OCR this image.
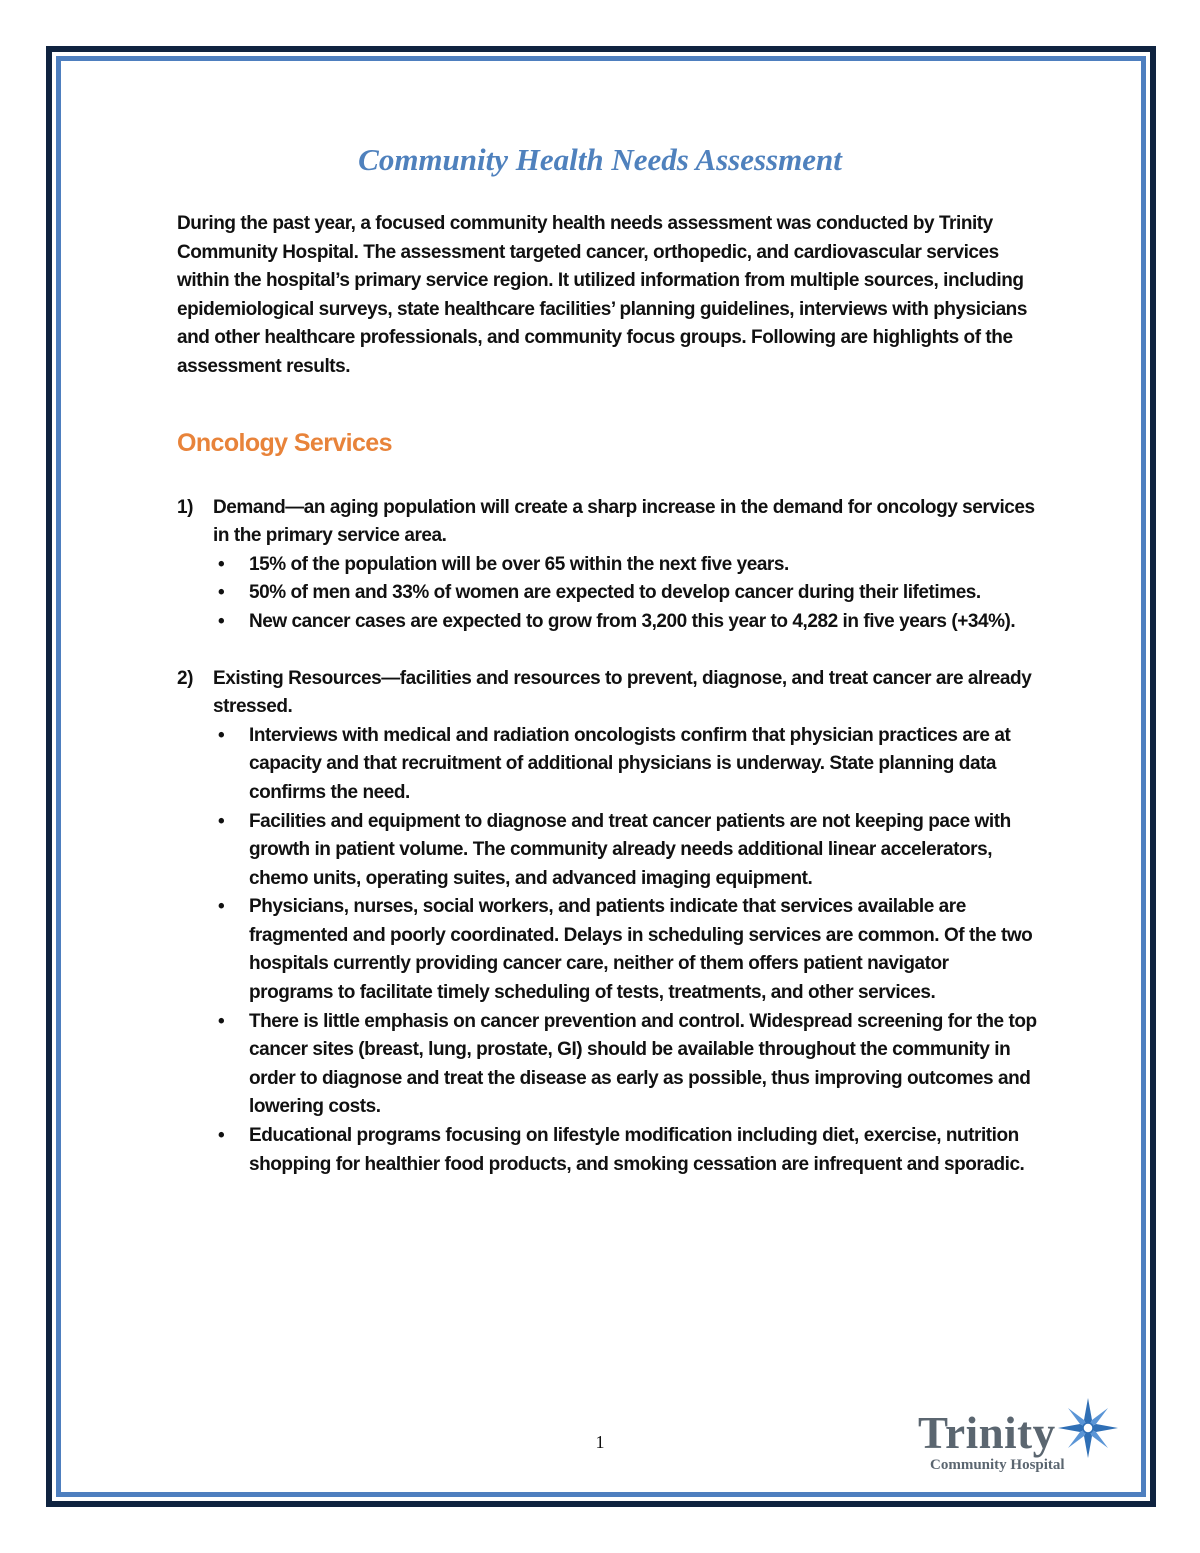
Community Health Needs Assessment

During the past year, a focused community health needs assessment was conducted by Trinity Community Hospital. The assessment targeted cancer, orthopedic, and cardiovascular services within the hospital’s primary service region. It utilized information from multiple sources, including epidemiological surveys, state healthcare facilities’ planning guidelines, interviews with physicians and other healthcare professionals, and community focus groups. Following are highlights of the assessment results.

Oncology Services
1) Demand—an aging population will create a sharp increase in the demand for oncology services in the primary service area.
• 15% of the population will be over 65 within the next five years.
• 50% of men and 33% of women are expected to develop cancer during their lifetimes.
• New cancer cases are expected to grow from 3,200 this year to 4,282 in five years (+34%).
2) Existing Resources—facilities and resources to prevent, diagnose, and treat cancer are already stressed.
• Interviews with medical and radiation oncologists confirm that physician practices are at capacity and that recruitment of additional physicians is underway. State planning data confirms the need.
• Facilities and equipment to diagnose and treat cancer patients are not keeping pace with growth in patient volume. The community already needs additional linear accelerators, chemo units, operating suites, and advanced imaging equipment.
• Physicians, nurses, social workers, and patients indicate that services available are fragmented and poorly coordinated. Delays in scheduling services are common. Of the two hospitals currently providing cancer care, neither of them offers patient navigator programs to facilitate timely scheduling of tests, treatments, and other services.
• There is little emphasis on cancer prevention and control. Widespread screening for the top cancer sites (breast, lung, prostate, GI) should be available throughout the community in order to diagnose and treat the disease as early as possible, thus improving outcomes and lowering costs.
• Educational programs focusing on lifestyle modification including diet, exercise, nutrition shopping for healthier food products, and smoking cessation are infrequent and sporadic.
1	Trinity
Community Hospital
